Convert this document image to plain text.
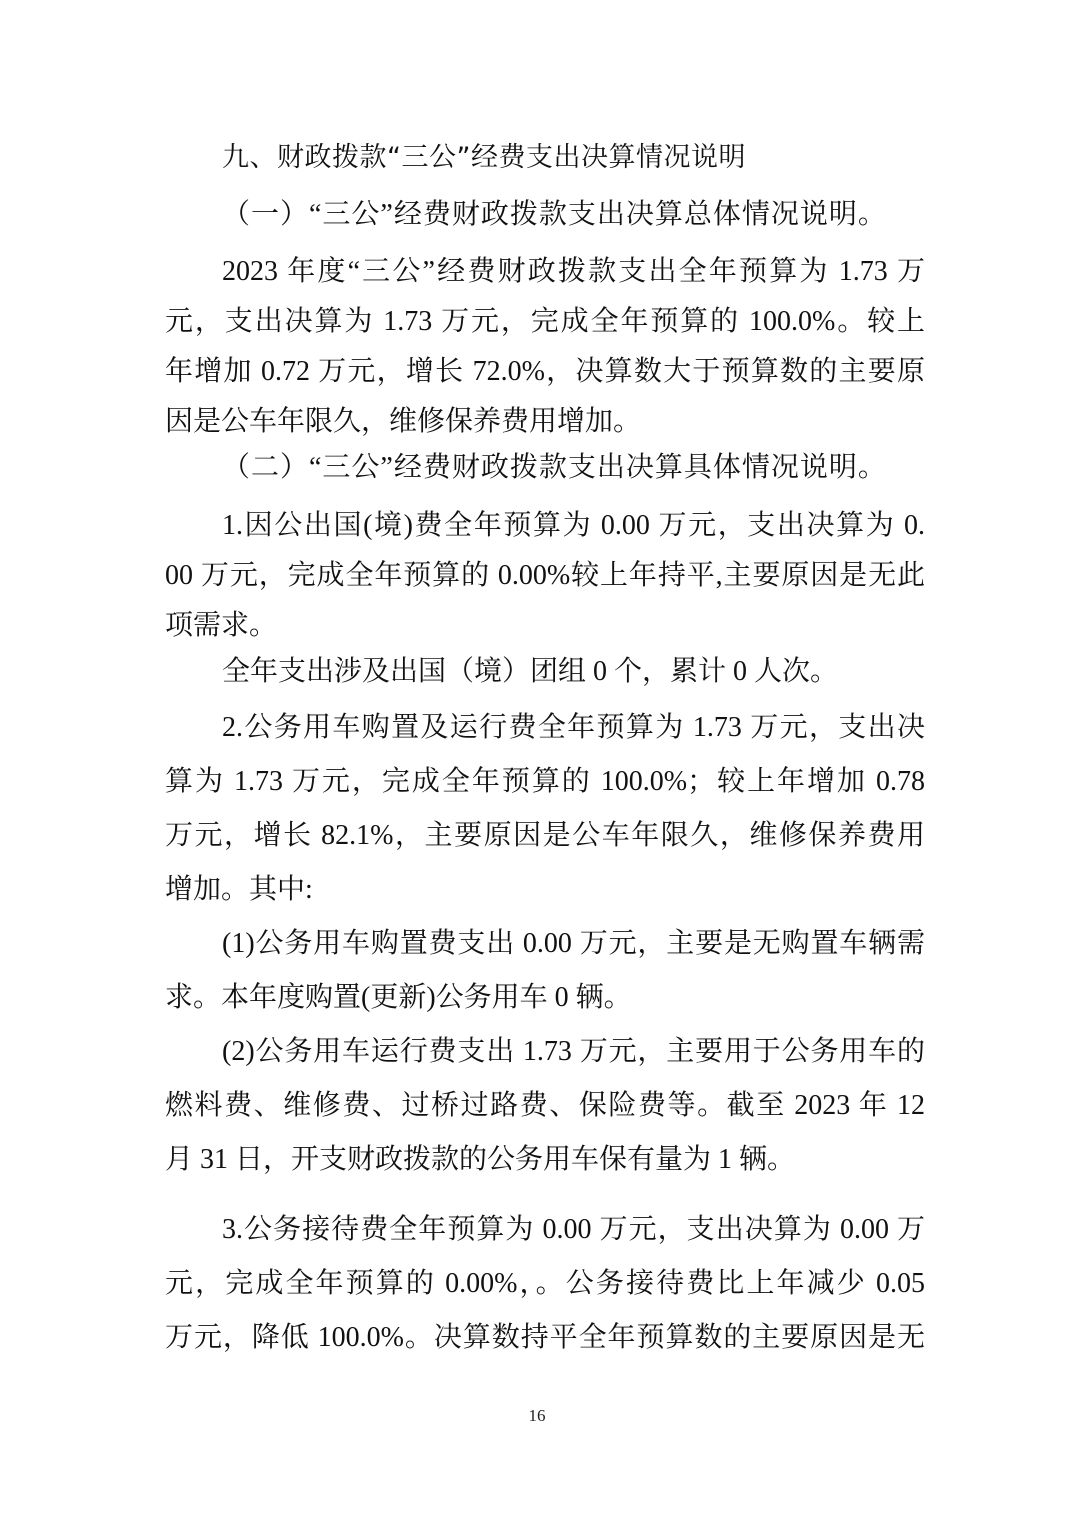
九、财政拨款“三公”经费支出决算情况说明
（一）“三公”经费财政拨款支出决算总体情况说明。
2023 年度“三公”经费财政拨款支出全年预算为 1.73 万
元，支出决算为 1.73 万元，完成全年预算的 100.0%。较上
年增加 0.72 万元，增长 72.0%，决算数大于预算数的主要原
因是公车年限久，维修保养费用增加。
（二）“三公”经费财政拨款支出决算具体情况说明。
1.因公出国(境)费全年预算为 0.00 万元，支出决算为 0.
00 万元，完成全年预算的 0.00%较上年持平,主要原因是无此
项需求。
全年支出涉及出国（境）团组 0 个，累计 0 人次。
2.公务用车购置及运行费全年预算为 1.73 万元，支出决
算为 1.73 万元，完成全年预算的 100.0%；较上年增加 0.78
万元，增长 82.1%，主要原因是公车年限久，维修保养费用
增加。其中:
(1)公务用车购置费支出 0.00 万元，主要是无购置车辆需
求。本年度购置(更新)公务用车 0 辆。
(2)公务用车运行费支出 1.73 万元，主要用于公务用车的
燃料费、维修费、过桥过路费、保险费等。截至 2023 年 12
月 31 日，开支财政拨款的公务用车保有量为 1 辆。
3.公务接待费全年预算为 0.00 万元，支出决算为 0.00 万
元，完成全年预算的 0.00%，。公务接待费比上年减少 0.05
万元，降低 100.0%。决算数持平全年预算数的主要原因是无
16
